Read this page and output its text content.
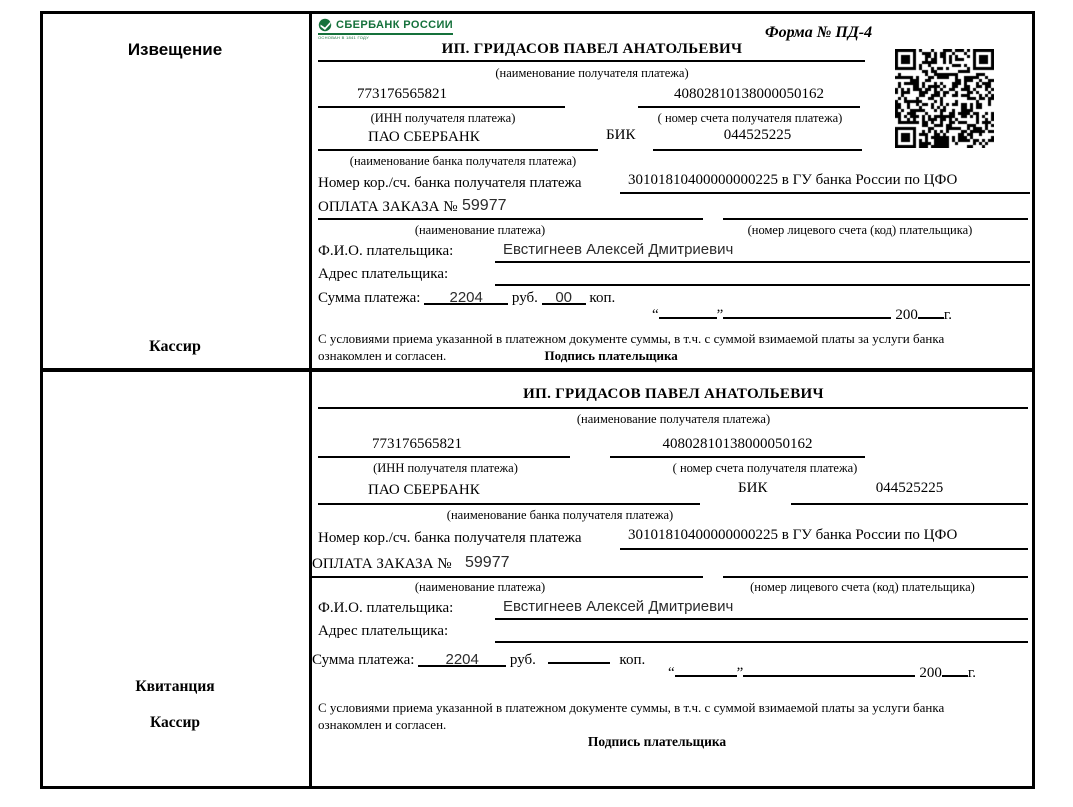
Извещение
Кассир
Квитанция
Кассир
СБЕРБАНК РОССИИ
ОСНОВАН В 1841 ГОДУ	Форма № ПД-4
ИП. ГРИДАСОВ ПАВЕЛ АНАТОЛЬЕВИЧ
(наименование получателя платежа)
773176565821	40802810138000050162
(ИНН получателя платежа)	( номер счета получателя платежа)
ПАО СБЕРБАНК	БИК	044525225
(наименование банка получателя платежа)
Номер кор./сч. банка получателя платежа	30101810400000000225 в ГУ банка России по ЦФО
ОПЛАТА ЗАКАЗА № 59977
(наименование платежа)	(номер лицевого счета (код) плательщика)
Ф.И.О. плательщика:	Евстигнеев Алексей Дмитриевич
Адрес плательщика:
Сумма платежа: 2204 руб. 00 коп.
“	”	200 г.
С условиями приема указанной в платежном документе суммы, в т.ч. с суммой взимаемой платы за услуги банка
ознакомлен и согласен.	Подпись плательщика
ИП. ГРИДАСОВ ПАВЕЛ АНАТОЛЬЕВИЧ
(наименование получателя платежа)
773176565821	40802810138000050162
(ИНН получателя платежа)	( номер счета получателя платежа)
ПАО СБЕРБАНК	БИК	044525225
(наименование банка получателя платежа)
Номер кор./сч. банка получателя платежа	30101810400000000225 в ГУ банка России по ЦФО
ОПЛАТА ЗАКАЗА № 59977
(наименование платежа)	(номер лицевого счета (код) плательщика)
Ф.И.О. плательщика:	Евстигнеев Алексей Дмитриевич
Адрес плательщика:
Сумма платежа: 2204 руб.	коп.
“	”	200 г.
С условиями приема указанной в платежном документе суммы, в т.ч. с суммой взимаемой платы за услуги банка
ознакомлен и согласен.
Подпись плательщика
